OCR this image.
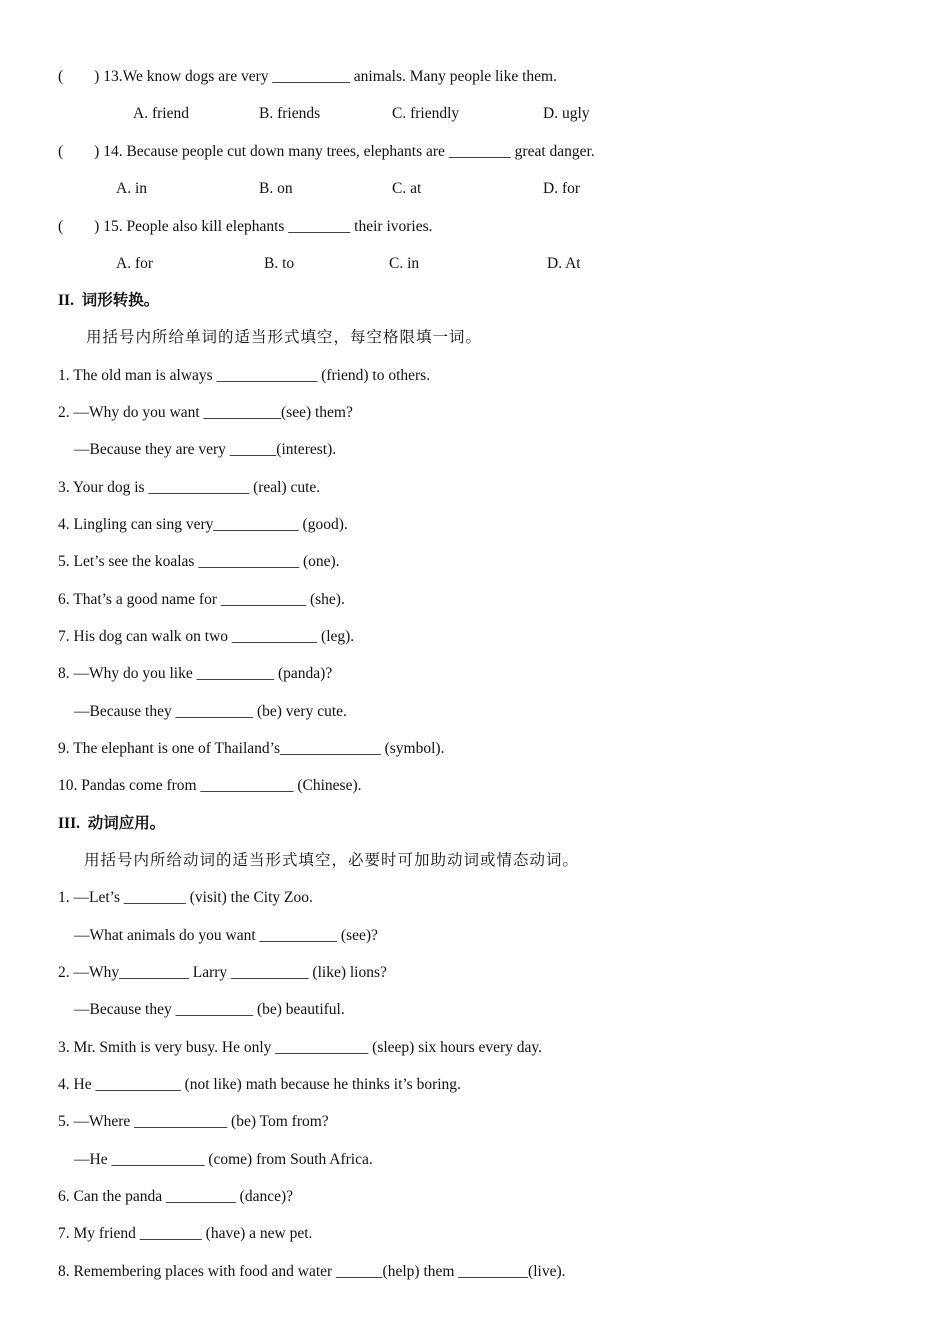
(        ) 13.We know dogs are very __________ animals. Many people like them.
A. friend	B. friends	C. friendly	D. ugly
(        ) 14. Because people cut down many trees, elephants are ________ great danger.
A. in	B. on	C. at	D. for
(        ) 15. People also kill elephants ________ their ivories.
A. for	B. to	C. in	D. At
II.  词形转换。
用括号内所给单词的适当形式填空，每空格限填一词。
1. The old man is always _____________ (friend) to others.
2. —Why do you want __________(see) them?
—Because they are very ______(interest).
3. Your dog is _____________ (real) cute.
4. Lingling can sing very___________ (good).
5. Let’s see the koalas _____________ (one).
6. That’s a good name for ___________ (she).
7. His dog can walk on two ___________ (leg).
8. —Why do you like __________ (panda)?
—Because they __________ (be) very cute.
9. The elephant is one of Thailand’s_____________ (symbol).
10. Pandas come from ____________ (Chinese).
III.  动词应用。
用括号内所给动词的适当形式填空，必要时可加助动词或情态动词。
1. —Let’s ________ (visit) the City Zoo.
—What animals do you want __________ (see)?
2. —Why_________ Larry __________ (like) lions?
—Because they __________ (be) beautiful.
3. Mr. Smith is very busy. He only ____________ (sleep) six hours every day.
4. He ___________ (not like) math because he thinks it’s boring.
5. —Where ____________ (be) Tom from?
—He ____________ (come) from South Africa.
6. Can the panda _________ (dance)?
7. My friend ________ (have) a new pet.
8. Remembering places with food and water ______(help) them _________(live).
